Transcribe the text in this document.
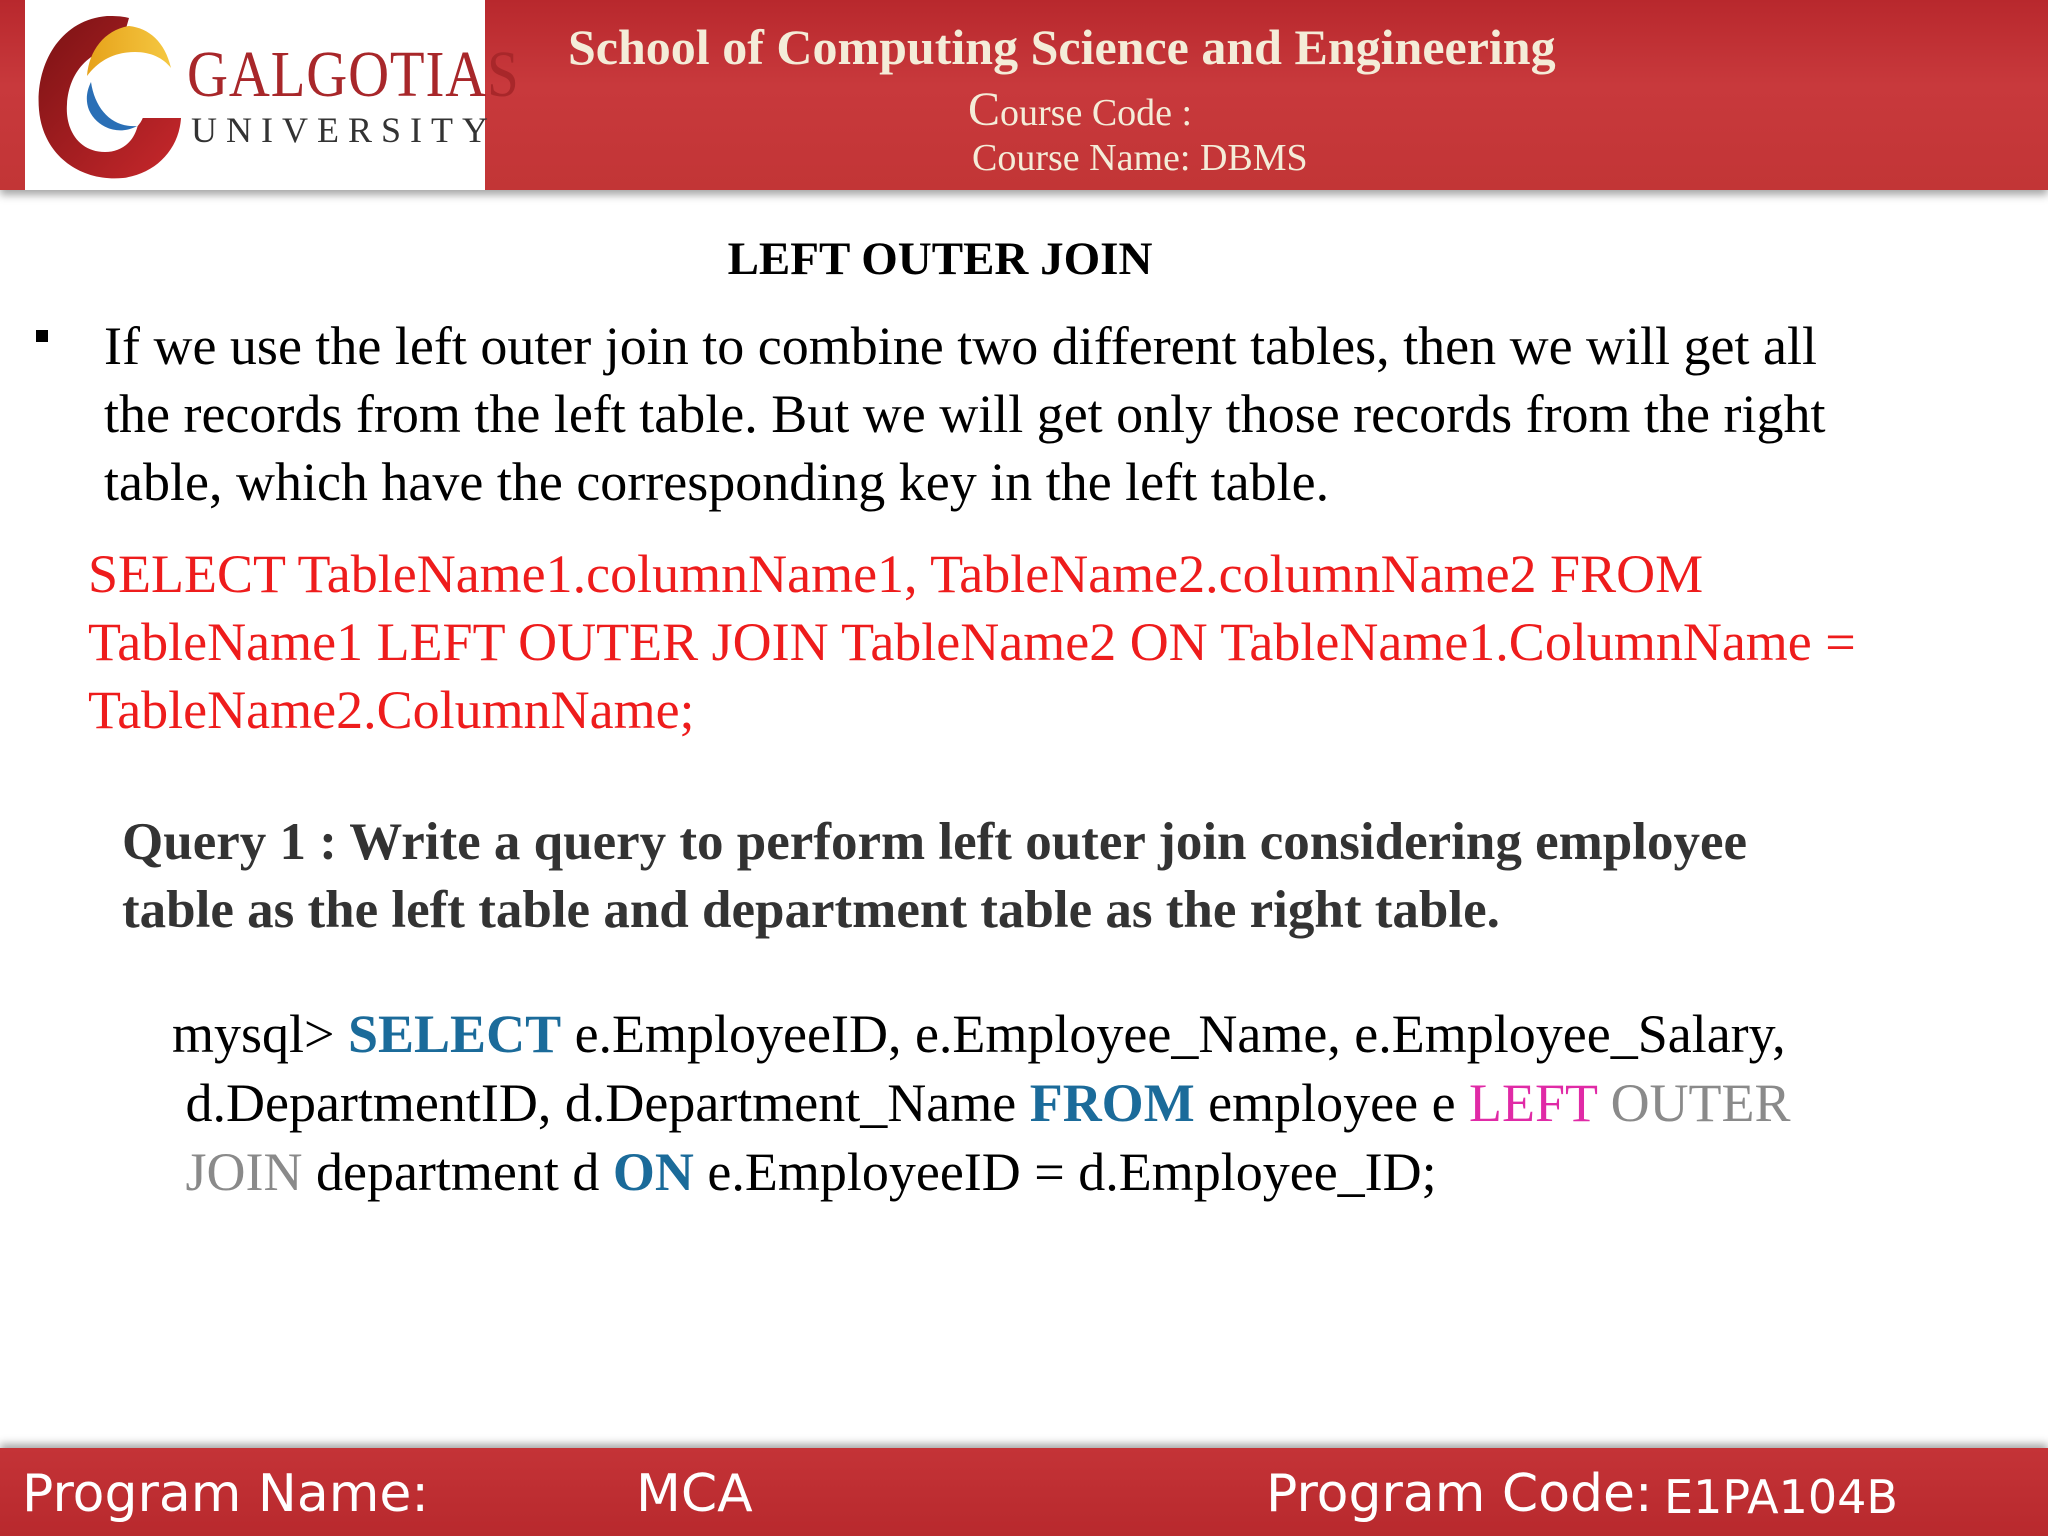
GALGOTIAS
UNIVERSITY
School of Computing Science and Engineering
Course Code :
Course Name: DBMS
LEFT OUTER JOIN
If we use the left outer join to combine two different tables, then we will get all
the records from the left table. But we will get only those records from the right
table, which have the corresponding key in the left table.
SELECT TableName1.columnName1, TableName2.columnName2 FROM
TableName1 LEFT OUTER JOIN TableName2 ON TableName1.ColumnName =
TableName2.ColumnName;
Query 1 : Write a query to perform left outer join considering employee
table as the left table and department table as the right table.
mysql> SELECT e.EmployeeID, e.Employee_Name, e.Employee_Salary,
d.DepartmentID, d.Department_Name FROM employee e LEFT OUTER
JOIN department d ON e.EmployeeID = d.Employee_ID;
Program Name:	MCA	Program Code: E1PA104B
